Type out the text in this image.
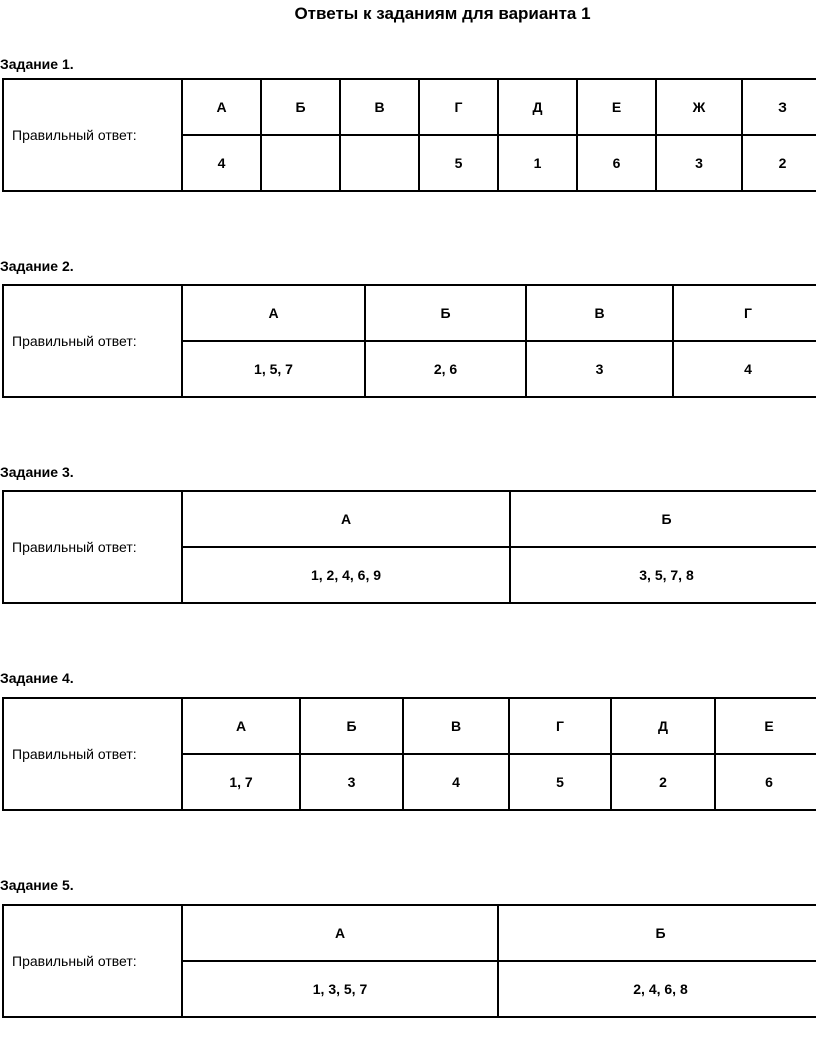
Ответы к заданиям для варианта 1
Задание 1.
Правильный ответ:	А	Б	В	Г	Д	Е	Ж	З
	4			5	1	6	3	2
Задание 2.
Правильный ответ:	А	Б	В	Г
	1, 5, 7	2, 6	3	4
Задание 3.
Правильный ответ:	А	Б
	1, 2, 4, 6, 9	3, 5, 7, 8
Задание 4.
Правильный ответ:	А	Б	В	Г	Д	Е
	1, 7	3	4	5	2	6
Задание 5.
Правильный ответ:	А	Б
	1, 3, 5, 7	2, 4, 6, 8
